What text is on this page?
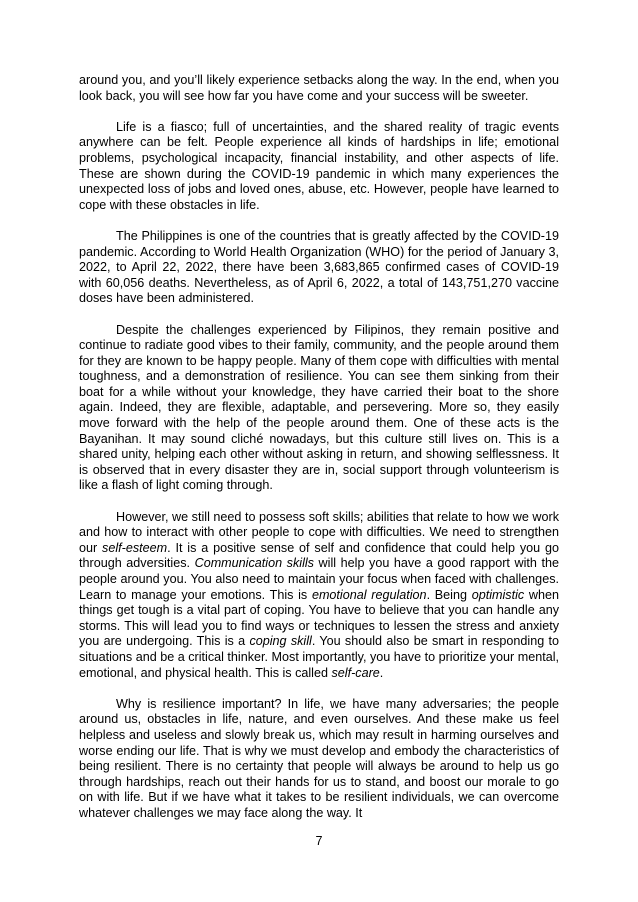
around you, and you’ll likely experience setbacks along the way. In the end, when you look back, you will see how far you have come and your success will be sweeter.

Life is a fiasco; full of uncertainties, and the shared reality of tragic events anywhere can be felt. People experience all kinds of hardships in life; emotional problems, psychological incapacity, financial instability, and other aspects of life. These are shown during the COVID-19 pandemic in which many experiences the unexpected loss of jobs and loved ones, abuse, etc. However, people have learned to cope with these obstacles in life.

The Philippines is one of the countries that is greatly affected by the COVID-19 pandemic. According to World Health Organization (WHO) for the period of January 3, 2022, to April 22, 2022, there have been 3,683,865 confirmed cases of COVID-19 with 60,056 deaths. Nevertheless, as of April 6, 2022, a total of 143,751,270 vaccine doses have been administered.

Despite the challenges experienced by Filipinos, they remain positive and continue to radiate good vibes to their family, community, and the people around them for they are known to be happy people. Many of them cope with difficulties with mental toughness, and a demonstration of resilience. You can see them sinking from their boat for a while without your knowledge, they have carried their boat to the shore again. Indeed, they are flexible, adaptable, and persevering. More so, they easily move forward with the help of the people around them. One of these acts is the Bayanihan. It may sound cliché nowadays, but this culture still lives on. This is a shared unity, helping each other without asking in return, and showing selflessness. It is observed that in every disaster they are in, social support through volunteerism is like a flash of light coming through.

However, we still need to possess soft skills; abilities that relate to how we work and how to interact with other people to cope with difficulties. We need to strengthen our self-esteem. It is a positive sense of self and confidence that could help you go through adversities. Communication skills will help you have a good rapport with the people around you. You also need to maintain your focus when faced with challenges. Learn to manage your emotions. This is emotional regulation. Being optimistic when things get tough is a vital part of coping. You have to believe that you can handle any storms. This will lead you to find ways or techniques to lessen the stress and anxiety you are undergoing. This is a coping skill. You should also be smart in responding to situations and be a critical thinker. Most importantly, you have to prioritize your mental, emotional, and physical health. This is called self-care.

Why is resilience important? In life, we have many adversaries; the people around us, obstacles in life, nature, and even ourselves. And these make us feel helpless and useless and slowly break us, which may result in harming ourselves and worse ending our life. That is why we must develop and embody the characteristics of being resilient. There is no certainty that people will always be around to help us go through hardships, reach out their hands for us to stand, and boost our morale to go on with life. But if we have what it takes to be resilient individuals, we can overcome whatever challenges we may face along the way. It

7
